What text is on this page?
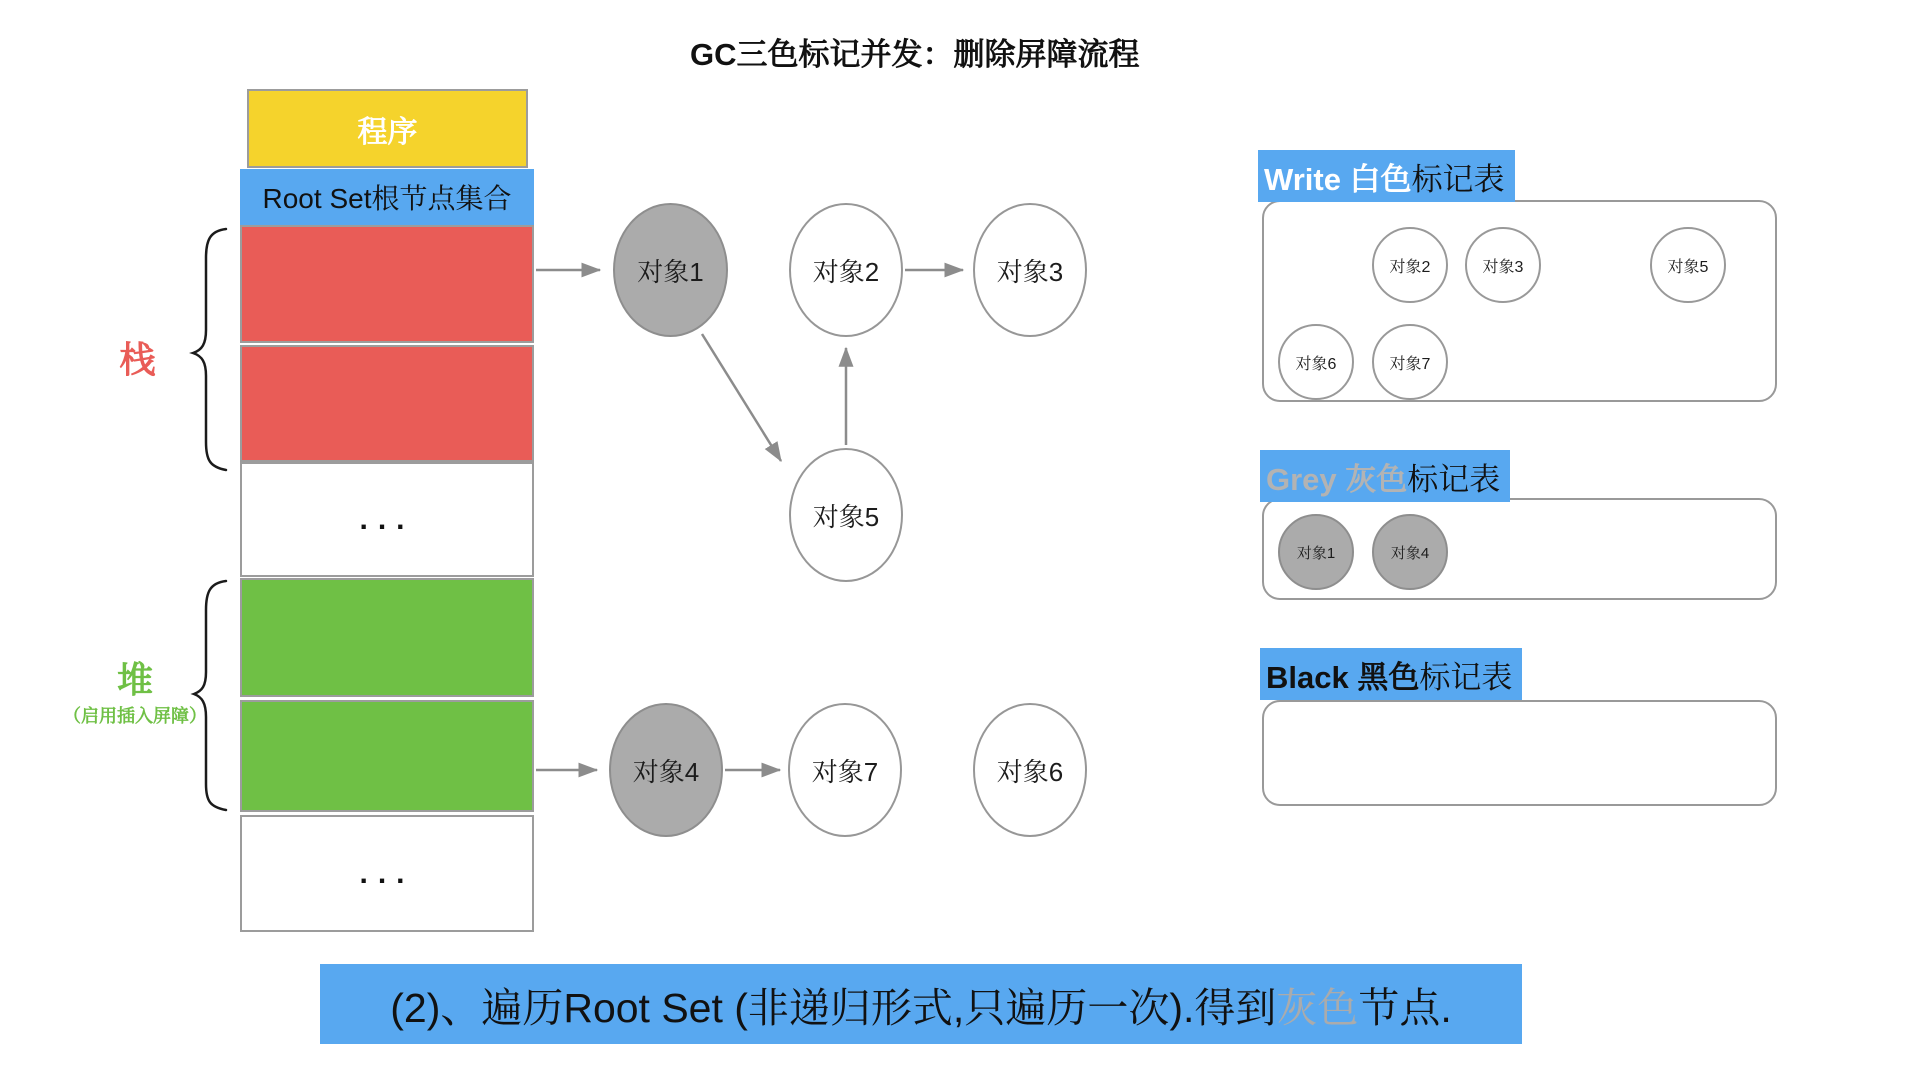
GC三色标记并发：删除屏障流程
程序
Root Set根节点集合
...
...
栈
堆
（启用插入屏障）
对象1	对象2	对象3
对象5
对象4	对象7	对象6
Write 白色 标记表
对象2	对象3	对象5
对象6	对象7
Grey 灰色 标记表
对象1	对象4
Black 黑色 标记表
(2)、遍历Root Set (非递归形式,只遍历一次).得到 灰色 节点.
